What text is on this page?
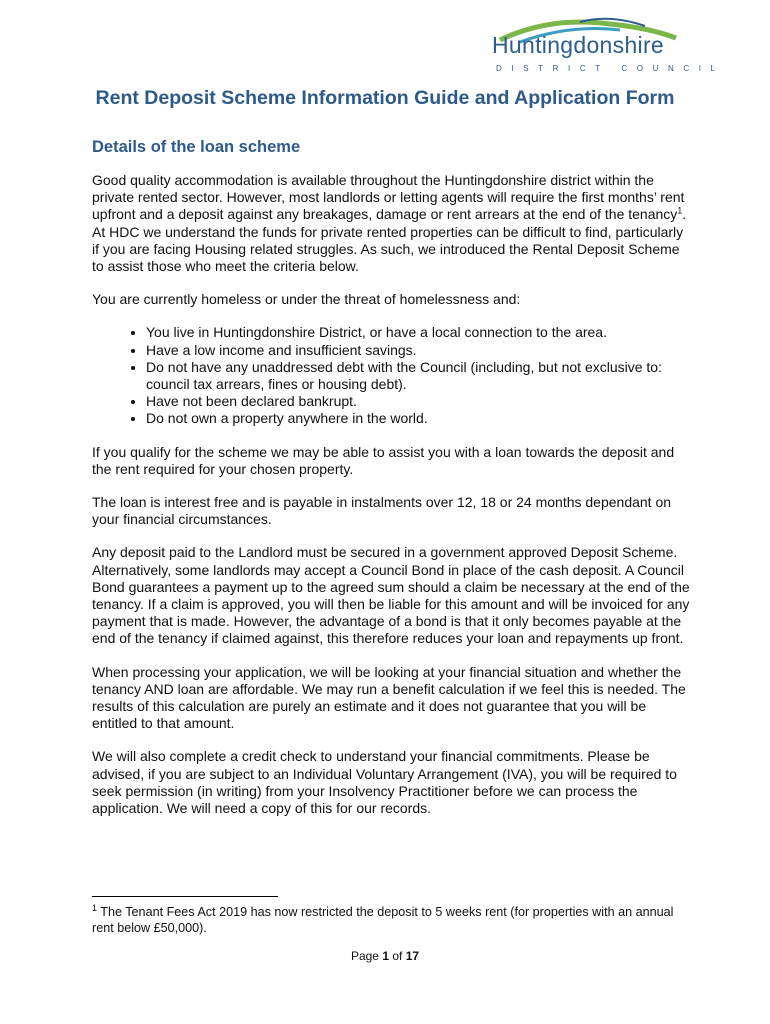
Huntingdonshire
DISTRICT COUNCIL
Rent Deposit Scheme Information Guide and Application Form
Details of the loan scheme

Good quality accommodation is available throughout the Huntingdonshire district within the private rented sector. However, most landlords or letting agents will require the first months’ rent upfront and a deposit against any breakages, damage or rent arrears at the end of the tenancy$^1$. At HDC we understand the funds for private rented properties can be difficult to find, particularly if you are facing Housing related struggles. As such, we introduced the Rental Deposit Scheme to assist those who meet the criteria below.

You are currently homeless or under the threat of homelessness and:

• You live in Huntingdonshire District, or have a local connection to the area.
• Have a low income and insufficient savings.
• Do not have any unaddressed debt with the Council (including, but not exclusive to: council tax arrears, fines or housing debt).
• Have not been declared bankrupt.
• Do not own a property anywhere in the world.

If you qualify for the scheme we may be able to assist you with a loan towards the deposit and the rent required for your chosen property.

The loan is interest free and is payable in instalments over 12, 18 or 24 months dependant on your financial circumstances.

Any deposit paid to the Landlord must be secured in a government approved Deposit Scheme. Alternatively, some landlords may accept a Council Bond in place of the cash deposit. A Council Bond guarantees a payment up to the agreed sum should a claim be necessary at the end of the tenancy. If a claim is approved, you will then be liable for this amount and will be invoiced for any payment that is made. However, the advantage of a bond is that it only becomes payable at the end of the tenancy if claimed against, this therefore reduces your loan and repayments up front.

When processing your application, we will be looking at your financial situation and whether the tenancy AND loan are affordable. We may run a benefit calculation if we feel this is needed. The results of this calculation are purely an estimate and it does not guarantee that you will be entitled to that amount.

We will also complete a credit check to understand your financial commitments. Please be advised, if you are subject to an Individual Voluntary Arrangement (IVA), you will be required to seek permission (in writing) from your Insolvency Practitioner before we can process the application. We will need a copy of this for our records.

$^1$ The Tenant Fees Act 2019 has now restricted the deposit to 5 weeks rent (for properties with an annual rent below £50,000).
Page 1 of 17
